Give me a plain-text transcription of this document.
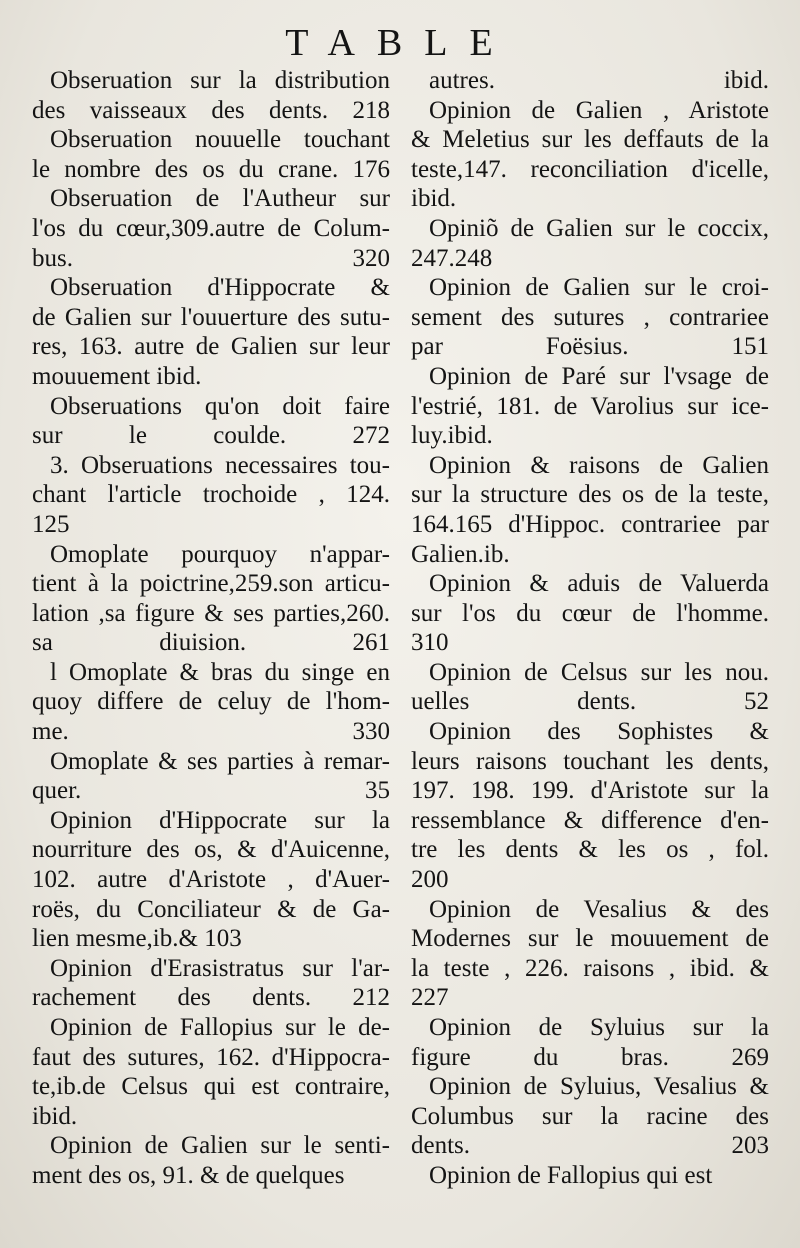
TABLE
Obseruation sur la distribution
des vaisseaux des dents. 218
Obseruation nouuelle touchant
le nombre des os du crane. 176
Obseruation de l'Autheur sur
l'os du cœur,309.autre de Colum-
bus. 320
Obseruation d'Hippocrate &
de Galien sur l'ouuerture des sutu-
res, 163. autre de Galien sur leur
mouuement ibid.
Obseruations qu'on doit faire
sur le coulde. 272
3. Obseruations necessaires tou-
chant l'article trochoide , 124.
125
Omoplate pourquoy n'appar-
tient à la poictrine,259.son articu-
lation ,sa figure & ses parties,260.
sa diuision. 261
l Omoplate & bras du singe en
quoy differe de celuy de l'hom-
me. 330
Omoplate & ses parties à remar-
quer. 35
Opinion d'Hippocrate sur la
nourriture des os, & d'Auicenne,
102. autre d'Aristote , d'Auer-
roës, du Conciliateur & de Ga-
lien mesme,ib.& 103
Opinion d'Erasistratus sur l'ar-
rachement des dents. 212
Opinion de Fallopius sur le de-
faut des sutures, 162. d'Hippocra-
te,ib.de Celsus qui est contraire,
ibid.
Opinion de Galien sur le senti-
ment des os, 91. & de quelques
autres. ibid.
Opinion de Galien , Aristote
& Meletius sur les deffauts de la
teste,147. reconciliation d'icelle,
ibid.
Opiniõ de Galien sur le coccix,
247.248
Opinion de Galien sur le croi-
sement des sutures , contrariee
par Foësius. 151
Opinion de Paré sur l'vsage de
l'estrié, 181. de Varolius sur ice-
luy.ibid.
Opinion & raisons de Galien
sur la structure des os de la teste,
164.165 d'Hippoc. contrariee par
Galien.ib.
Opinion & aduis de Valuerda
sur l'os du cœur de l'homme.
310
Opinion de Celsus sur les nou.
uelles dents. 52
Opinion des Sophistes &
leurs raisons touchant les dents,
197. 198. 199. d'Aristote sur la
ressemblance & difference d'en-
tre les dents & les os , fol.
200
Opinion de Vesalius & des
Modernes sur le mouuement de
la teste , 226. raisons , ibid. &
227
Opinion de Syluius sur la
figure du bras. 269
Opinion de Syluius, Vesalius &
Columbus sur la racine des
dents. 203
Opinion de Fallopius qui est
